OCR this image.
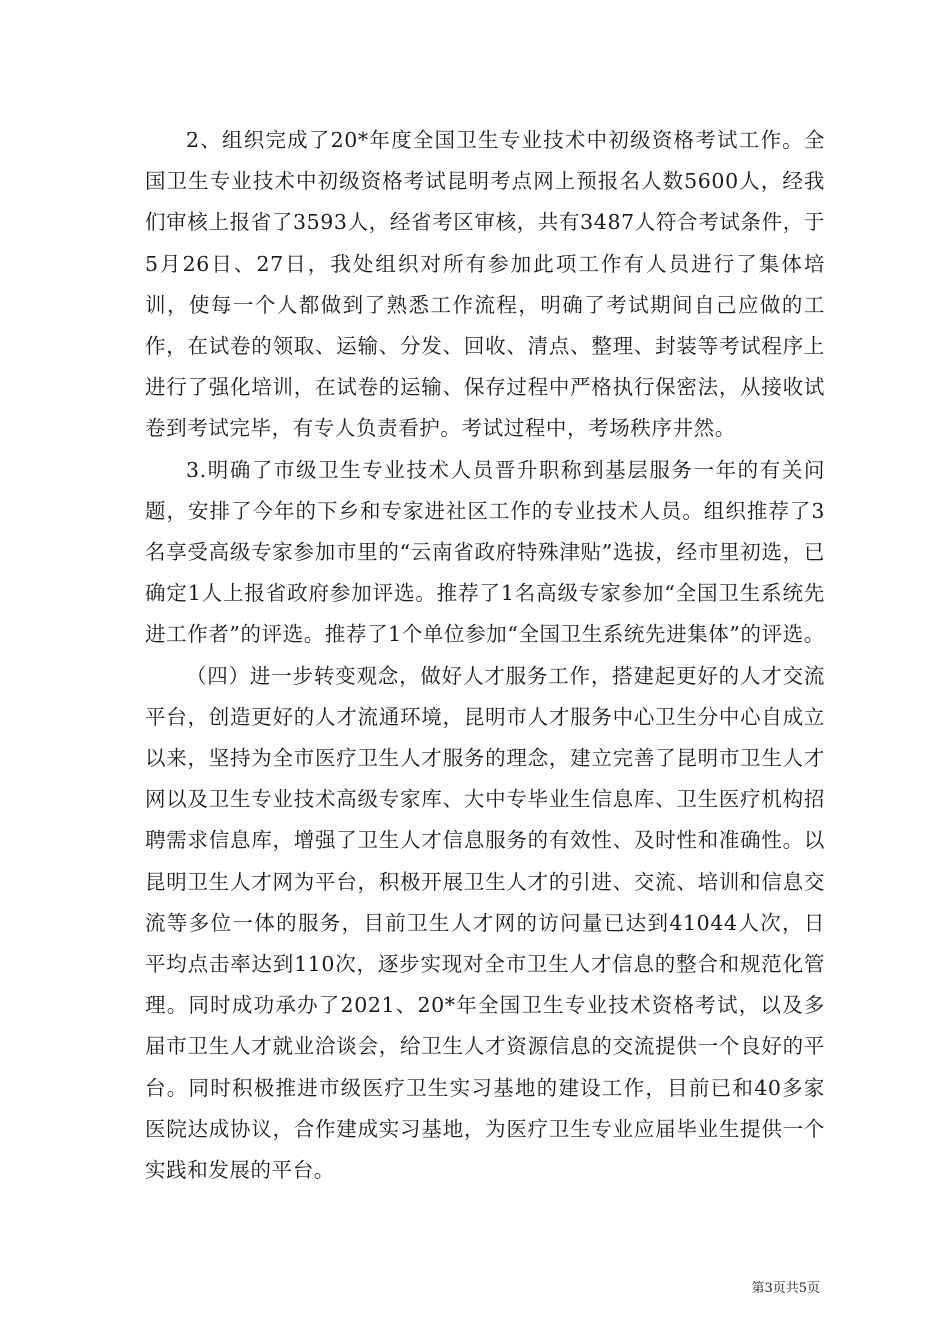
2、组织完成了20*年度全国卫生专业技术中初级资格考试工作。全国卫生专业技术中初级资格考试昆明考点网上预报名人数5600人，经我们审核上报省了3593人，经省考区审核，共有3487人符合考试条件，于5月26日、27日，我处组织对所有参加此项工作有人员进行了集体培训，使每一个人都做到了熟悉工作流程，明确了考试期间自己应做的工作，在试卷的领取、运输、分发、回收、清点、整理、封装等考试程序上进行了强化培训，在试卷的运输、保存过程中严格执行保密法，从接收试卷到考试完毕，有专人负责看护。考试过程中，考场秩序井然。

3.明确了市级卫生专业技术人员晋升职称到基层服务一年的有关问题，安排了今年的下乡和专家进社区工作的专业技术人员。组织推荐了3名享受高级专家参加市里的“云南省政府特殊津贴”选拔，经市里初选，已确定1人上报省政府参加评选。推荐了1名高级专家参加“全国卫生系统先进工作者”的评选。推荐了1个单位参加“全国卫生系统先进集体”的评选。

（四）进一步转变观念，做好人才服务工作，搭建起更好的人才交流平台，创造更好的人才流通环境，昆明市人才服务中心卫生分中心自成立以来，坚持为全市医疗卫生人才服务的理念，建立完善了昆明市卫生人才网以及卫生专业技术高级专家库、大中专毕业生信息库、卫生医疗机构招聘需求信息库，增强了卫生人才信息服务的有效性、及时性和准确性。以昆明卫生人才网为平台，积极开展卫生人才的引进、交流、培训和信息交流等多位一体的服务，目前卫生人才网的访问量已达到41044人次，日平均点击率达到110次，逐步实现对全市卫生人才信息的整合和规范化管理。同时成功承办了2021、20*年全国卫生专业技术资格考试，以及多届市卫生人才就业洽谈会，给卫生人才资源信息的交流提供一个良好的平台。同时积极推进市级医疗卫生实习基地的建设工作，目前已和40多家医院达成协议，合作建成实习基地，为医疗卫生专业应届毕业生提供一个实践和发展的平台。

第3页共5页
